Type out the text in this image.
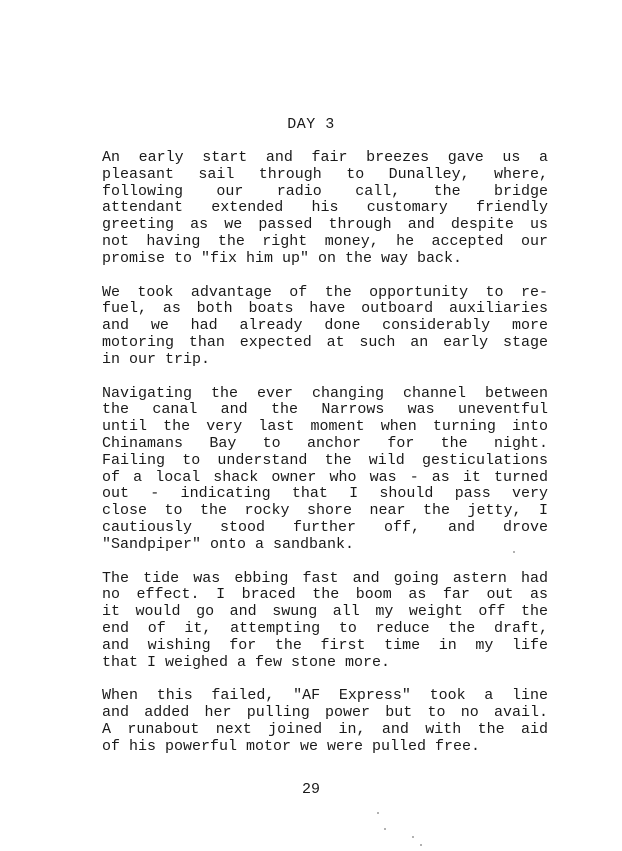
DAY 3
An early start and fair breezes gave us a
pleasant sail through to Dunalley, where,
following our radio call, the bridge
attendant extended his customary friendly
greeting as we passed through and despite us
not having the right money, he accepted our
promise to "fix him up" on the way back.
We took advantage of the opportunity to re-
fuel, as both boats have outboard auxiliaries
and we had already done considerably more
motoring than expected at such an early stage
in our trip.
Navigating the ever changing channel between
the canal and the Narrows was uneventful
until the very last moment when turning into
Chinamans Bay to anchor for the night.
Failing to understand the wild gesticulations
of a local shack owner who was - as it turned
out - indicating that I should pass very
close to the rocky shore near the jetty, I
cautiously stood further off, and drove
"Sandpiper" onto a sandbank.
The tide was ebbing fast and going astern had
no effect. I braced the boom as far out as
it would go and swung all my weight off the
end of it, attempting to reduce the draft,
and wishing for the first time in my life
that I weighed a few stone more.
When this failed, "AF Express" took a line
and added her pulling power but to no avail.
A runabout next joined in, and with the aid
of his powerful motor we were pulled free.
29
